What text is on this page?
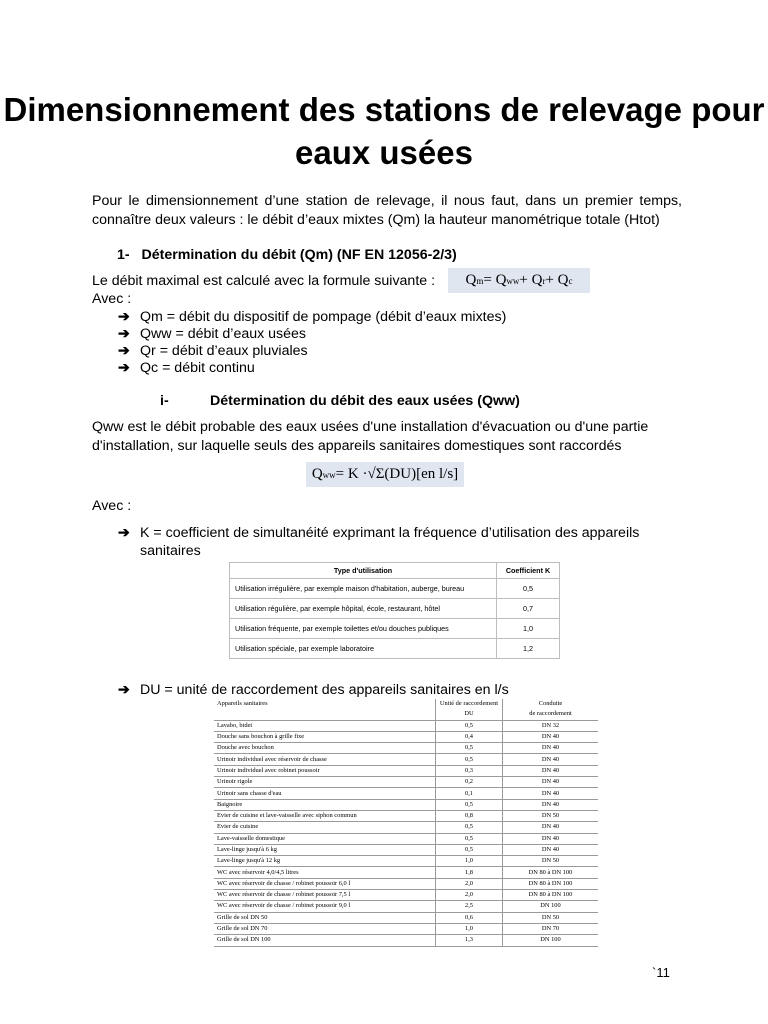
Dimensionnement des stations de relevage pour eaux usées
Pour le dimensionnement d’une station de relevage, il nous faut, dans un premier temps, connaître deux valeurs : le débit d’eaux mixtes (Qm) la hauteur manométrique totale (Htot)
1- Détermination du débit (Qm) (NF EN 12056-2/3)
Le débit maximal est calculé avec la formule suivante : Q m = Q ww + Q r + Q c
Avec :
➔ Qm = débit du dispositif de pompage (débit d’eaux mixtes)
➔ Qww = débit d’eaux usées
➔ Qr = débit d’eaux pluviales
➔ Qc = débit continu
i-	Détermination du débit des eaux usées (Qww)
Qww est le débit probable des eaux usées d'une installation d'évacuation ou d'une partie d'installation, sur laquelle seuls des appareils sanitaires domestiques sont raccordés
Q ww = K · √Σ(DU) [en l/s]
Avec :
➔ K = coefficient de simultanéité exprimant la fréquence d’utilisation des appareils sanitaires
Type d'utilisation	Coefficient K
Utilisation irrégulière, par exemple maison d'habitation, auberge, bureau	0,5
Utilisation régulière, par exemple hôpital, école, restaurant, hôtel	0,7
Utilisation fréquente, par exemple toilettes et/ou douches publiques	1,0
Utilisation spéciale, par exemple laboratoire	1,2
➔ DU = unité de raccordement des appareils sanitaires en l/s
Appareils sanitaires	Unité de raccordement	Conduite
	DU	de raccordement
Lavabo, bidet	0,5	DN 32
Douche sans bouchon à grille fixe	0,4	DN 40
Douche avec bouchon	0,5	DN 40
Urinoir individuel avec réservoir de chasse	0,5	DN 40
Urinoir individuel avec robinet poussoir	0,3	DN 40
Urinoir rigole	0,2	DN 40
Urinoir sans chasse d'eau	0,1	DN 40
Baignoire	0,5	DN 40
Evier de cuisine et lave-vaisselle avec siphon commun	0,8	DN 50
Evier de cuisine	0,5	DN 40
Lave-vaisselle domestique	0,5	DN 40
Lave-linge jusqu'à 6 kg	0,5	DN 40
Lave-linge jusqu'à 12 kg	1,0	DN 50
WC avec réservoir 4,0/4,5 litres	1,8	DN 80 à DN 100
WC avec réservoir de chasse / robinet poussoir 6,0 l	2,0	DN 80 à DN 100
WC avec réservoir de chasse / robinet poussoir 7,5 l	2,0	DN 80 à DN 100
WC avec réservoir de chasse / robinet poussoir 9,0 l	2,5	DN 100
Grille de sol DN 50	0,6	DN 50
Grille de sol DN 70	1,0	DN 70
Grille de sol DN 100	1,3	DN 100
`11
